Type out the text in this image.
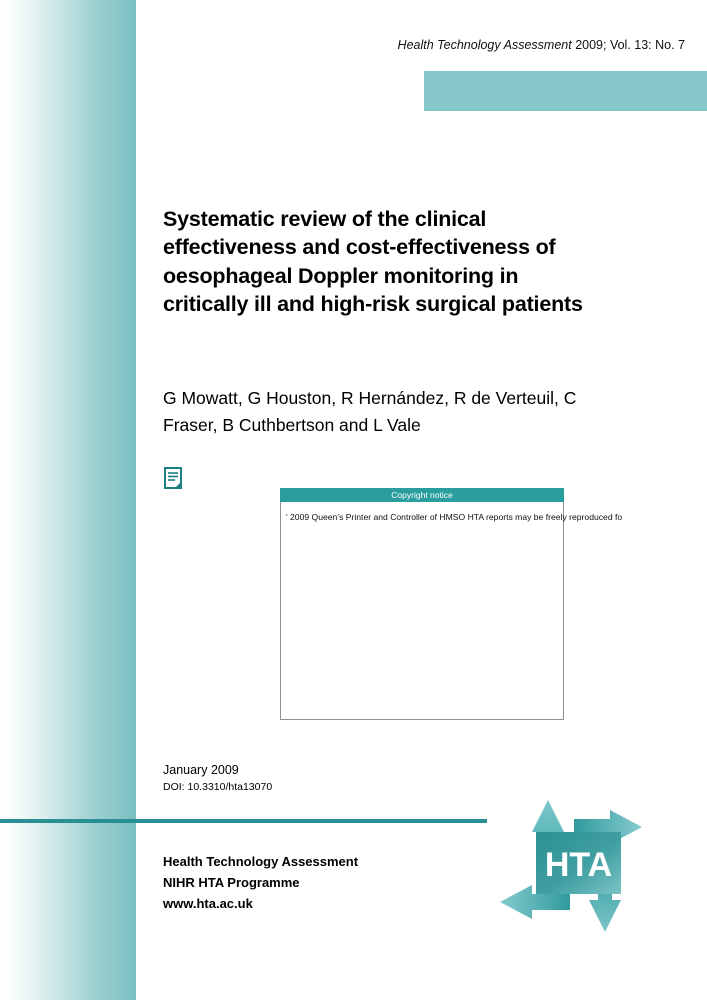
Health Technology Assessment 2009; Vol. 13: No. 7
Systematic review of the clinical effectiveness and cost-effectiveness of oesophageal Doppler monitoring in critically ill and high-risk surgical patients
G Mowatt, G Houston, R Hernández, R de Verteuil, C Fraser, B Cuthbertson and L Vale
Copyright notice
' 2009 Queen’s Printer and Controller of HMSO HTA reports may be freely reproduced fo
January 2009
DOI: 10.3310/hta13070
Health Technology Assessment
NIHR HTA Programme
www.hta.ac.uk
HTA
